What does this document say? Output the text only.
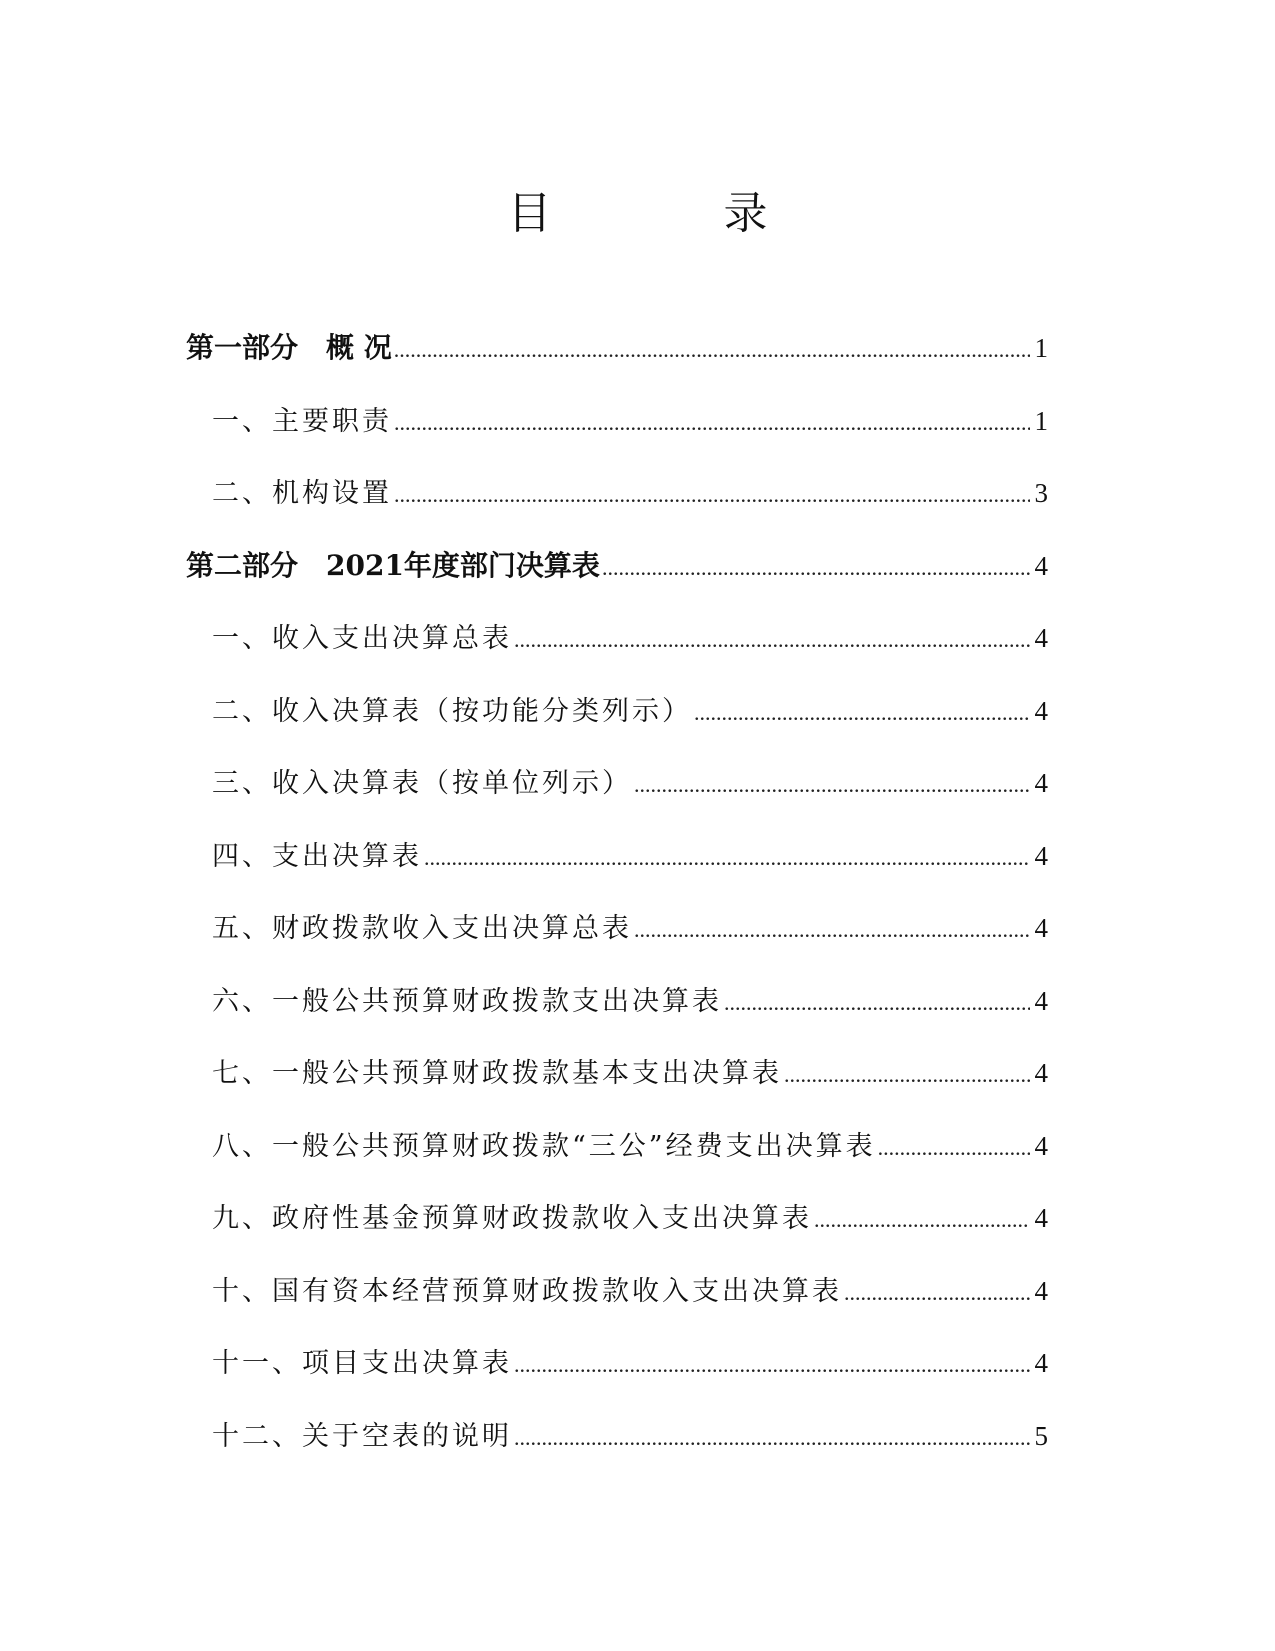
目　录
第一部分　概 况 .....	1
一、主要职责 .....	1
二、机构设置 .....	3
第二部分　2021年度部门决算表 .....	4
一、收入支出决算总表 .....	4
二、收入决算表（按功能分类列示） .....	4
三、收入决算表（按单位列示） .....	4
四、支出决算表 .....	4
五、财政拨款收入支出决算总表 .....	4
六、一般公共预算财政拨款支出决算表 .....	4
七、一般公共预算财政拨款基本支出决算表 .....	4
八、一般公共预算财政拨款“三公”经费支出决算表 .....	4
九、政府性基金预算财政拨款收入支出决算表 .....	4
十、国有资本经营预算财政拨款收入支出决算表 .....	4
十一、项目支出决算表 .....	4
十二、关于空表的说明 .....	5
